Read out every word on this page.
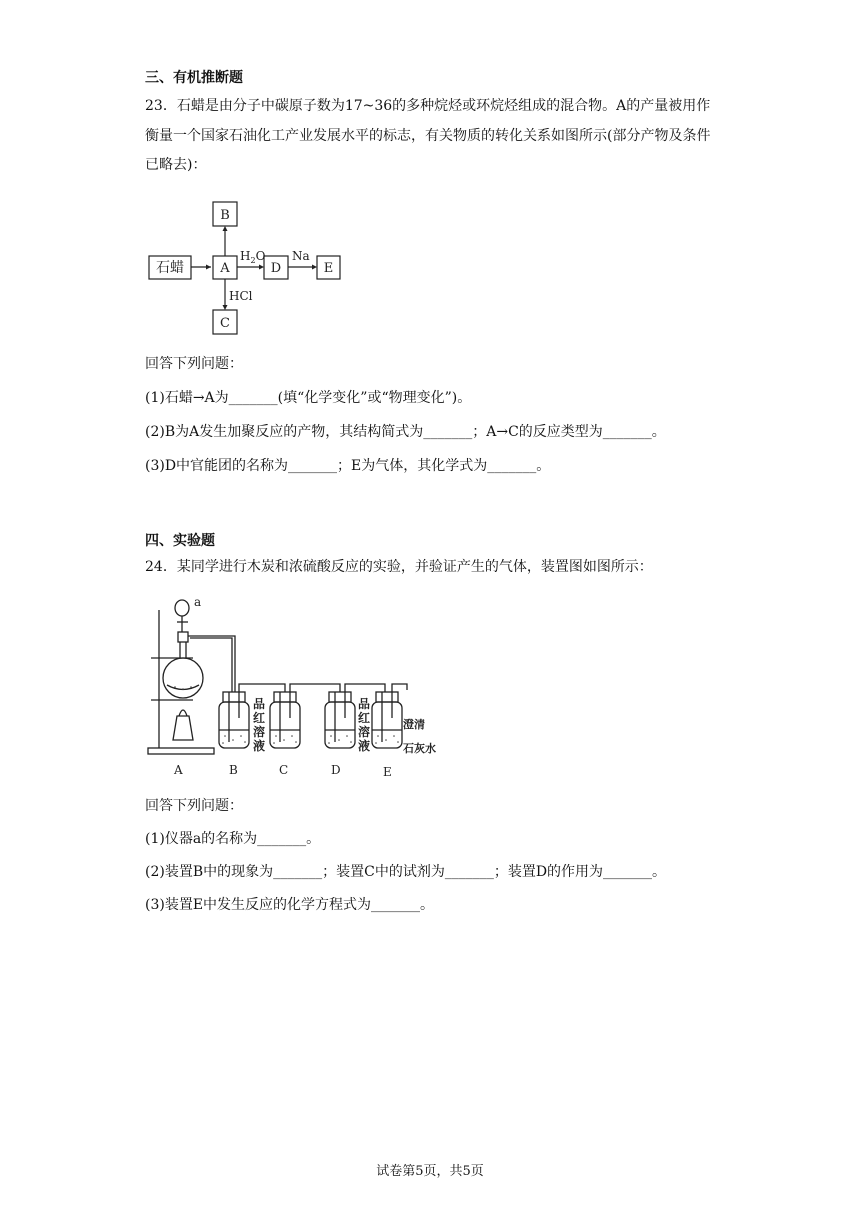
三、有机推断题
23．石蜡是由分子中碳原子数为17~36的多种烷烃或环烷烃组成的混合物。A的产量被用作衡量一个国家石油化工产业发展水平的标志，有关物质的转化关系如图所示(部分产物及条件已略去)：
石蜡	A
B
C
D	E
$H_2O$ Na
HCl
回答下列问题：
(1)石蜡→A为_______(填“化学变化”或“物理变化”)。
(2)B为A发生加聚反应的产物，其结构简式为_______；A→C的反应类型为_______。
(3)D中官能团的名称为_______；E为气体，其化学式为_______。
四、实验题
24．某同学进行木炭和浓硫酸反应的实验，并验证产生的气体，装置图如图所示：
a
A	B	C	D	E
品
红
溶
液
品
红
溶
液
澄清
石灰水
回答下列问题：
(1)仪器a的名称为_______。
(2)装置B中的现象为_______；装置C中的试剂为_______；装置D的作用为_______。
(3)装置E中发生反应的化学方程式为_______。
试卷第5页，共5页
